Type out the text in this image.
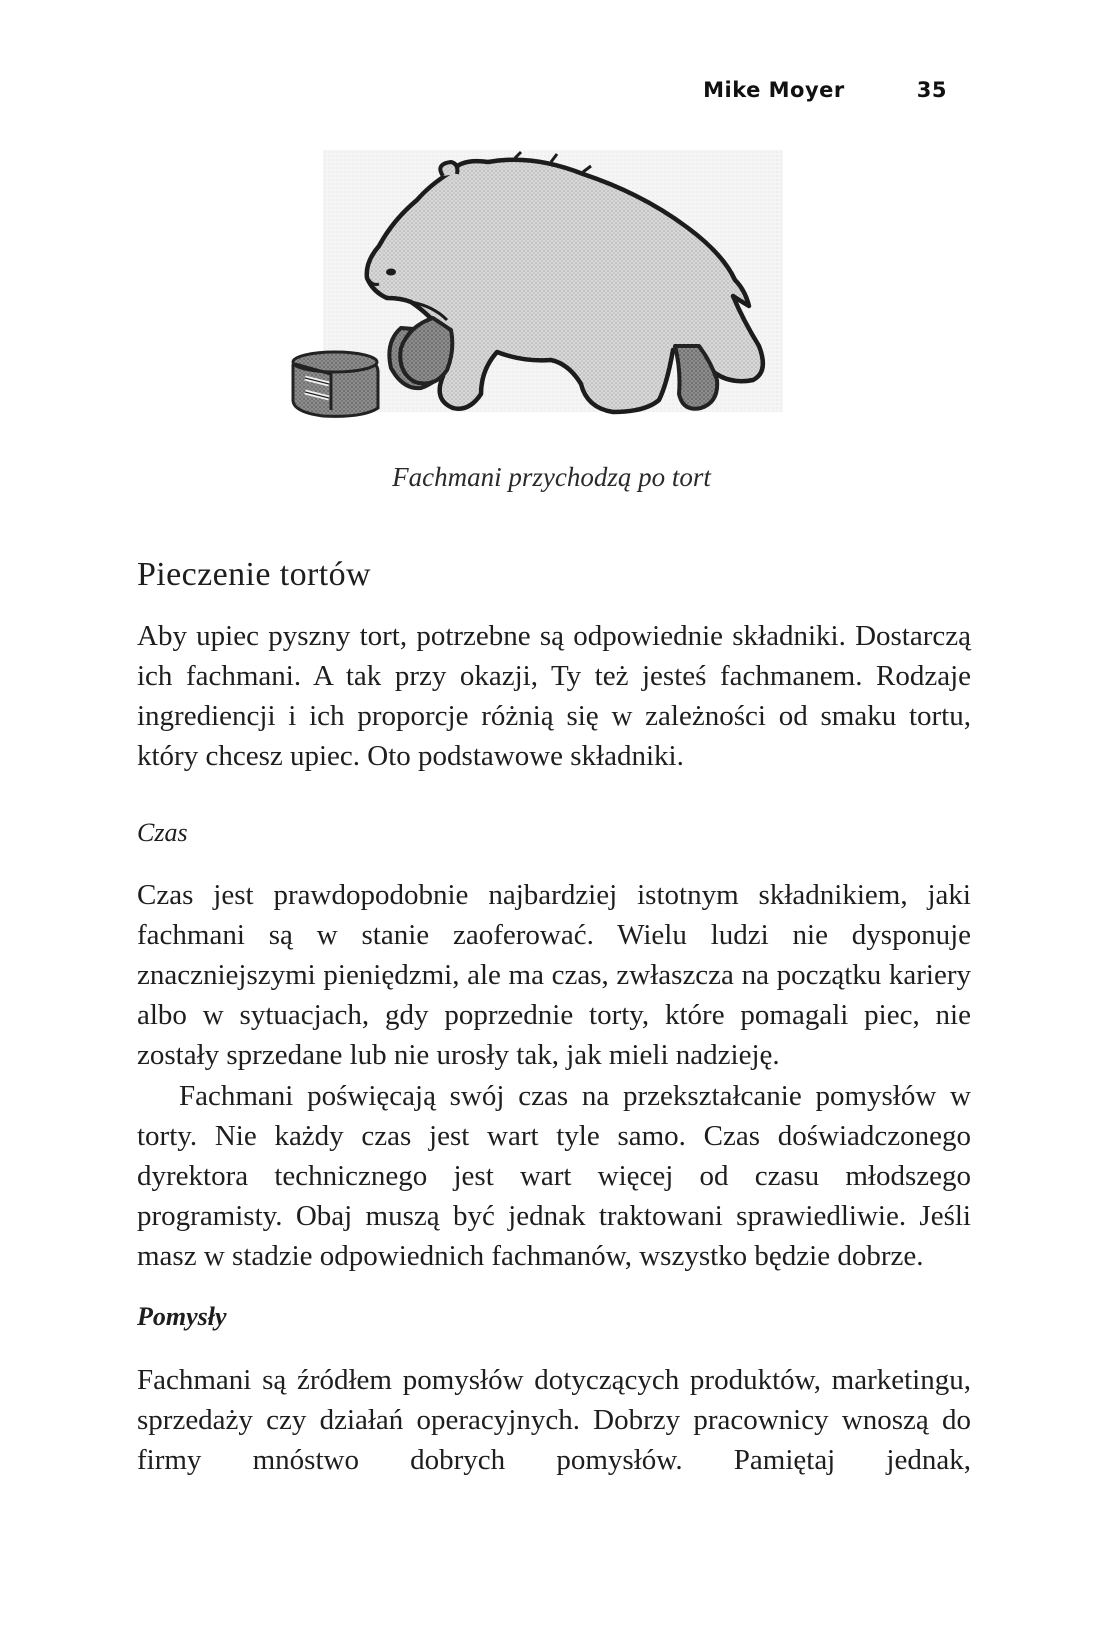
Mike Moyer	35
Fachmani przychodzą po tort
Pieczenie tortów

Aby upiec pyszny tort, potrzebne są odpowiednie składniki. Dostarczą ich fachmani. A tak przy okazji, Ty też jesteś fachmanem. Rodzaje ingrediencji i ich proporcje różnią się w zależności od smaku tortu, który chcesz upiec. Oto podstawowe składniki.

Czas

Czas jest prawdopodobnie najbardziej istotnym składnikiem, jaki fachmani są w stanie zaoferować. Wielu ludzi nie dysponuje znaczniejszymi pieniędzmi, ale ma czas, zwłaszcza na początku kariery albo w sytuacjach, gdy poprzednie torty, które pomagali piec, nie zostały sprzedane lub nie urosły tak, jak mieli nadzieję.

Fachmani poświęcają swój czas na przekształcanie pomysłów w torty. Nie każdy czas jest wart tyle samo. Czas doświadczonego dyrektora technicznego jest wart więcej od czasu młodszego programisty. Obaj muszą być jednak traktowani sprawiedliwie. Jeśli masz w stadzie odpowiednich fachmanów, wszystko będzie dobrze.

Pomysły

Fachmani są źródłem pomysłów dotyczących produktów, marketingu, sprzedaży czy działań operacyjnych. Dobrzy pracownicy wnoszą do firmy mnóstwo dobrych pomysłów. Pamiętaj jednak,
